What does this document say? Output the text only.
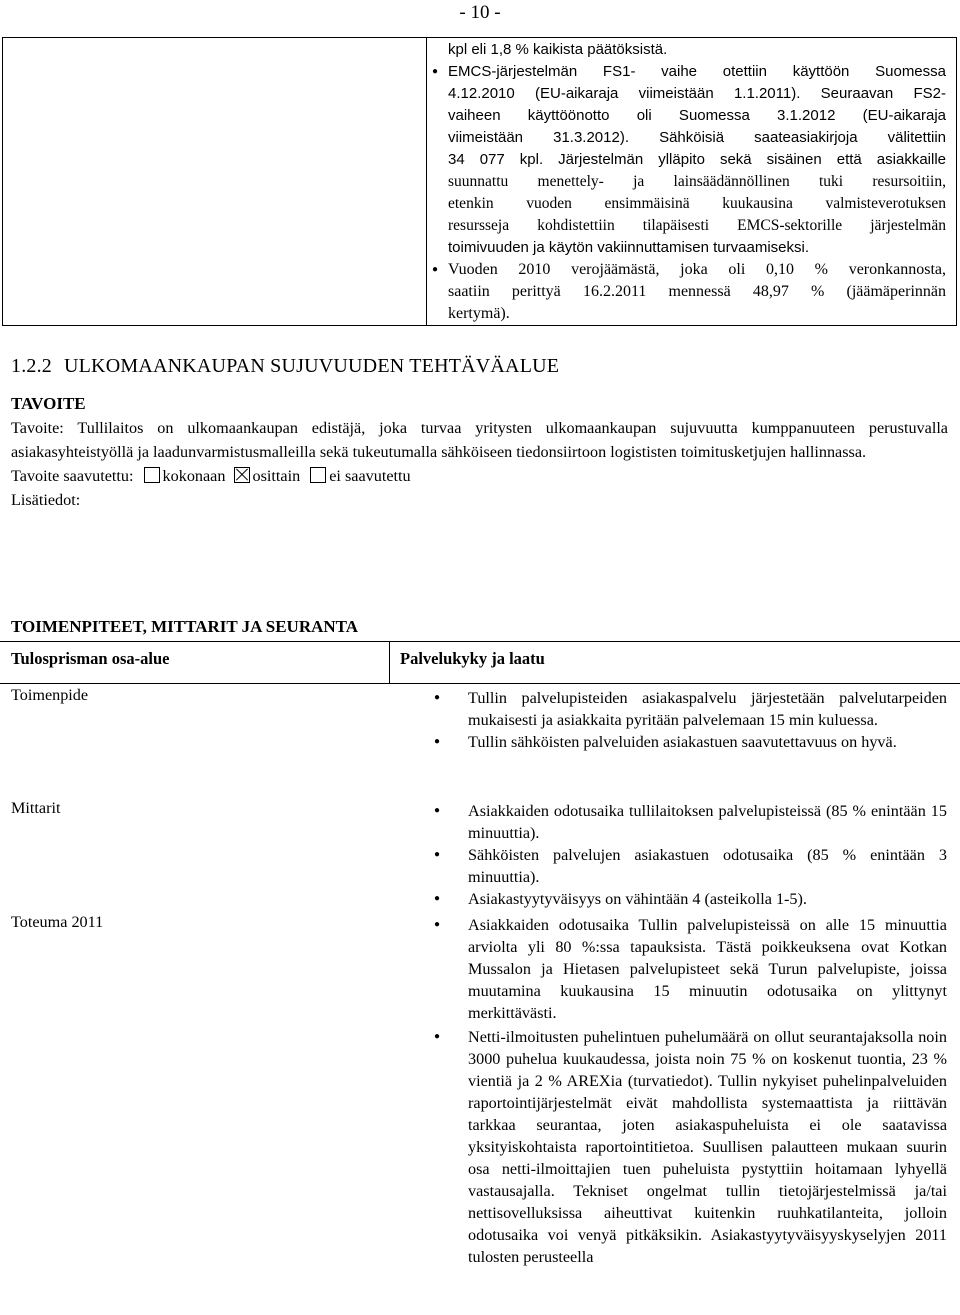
- 10 -
kpl eli 1,8 % kaikista päätöksistä.
● EMCS-järjestelmän FS1- vaihe otettiin käyttöön Suomessa
4.12.2010 (EU-aikaraja viimeistään 1.1.2011). Seuraavan FS2-
vaiheen käyttöönotto oli Suomessa 3.1.2012 (EU-aikaraja
viimeistään 31.3.2012). Sähköisiä saateasiakirjoja välitettiin
34 077 kpl. Järjestelmän ylläpito sekä sisäinen että asiakkaille
suunnattu menettely- ja lainsäädännöllinen tuki resursoitiin,
etenkin vuoden ensimmäisinä kuukausina valmisteverotuksen
resursseja kohdistettiin tilapäisesti EMCS-sektorille järjestelmän
toimivuuden ja käytön vakiinnuttamisen turvaamiseksi.
● Vuoden 2010 verojäämästä, joka oli 0,10 % veronkannosta,
saatiin perittyä 16.2.2011 mennessä 48,97 % (jäämäperinnän
kertymä).
1.2.2 ULKOMAANKAUPAN SUJUVUUDEN TEHTÄVÄALUE
TAVOITE
Tavoite: Tullilaitos on ulkomaankaupan edistäjä, joka turvaa yritysten ulkomaankaupan sujuvuutta kumppanuuteen perustuvalla asiakasyhteistyöllä ja laadunvarmistusmalleilla sekä tukeutumalla sähköiseen tiedonsiirtoon logististen toimitusketjujen hallinnassa.
Tavoite saavutettu: kokonaan osittain ei saavutettu
Lisätiedot:
TOIMENPITEET, MITTARIT JA SEURANTA
Tulosprisman osa-alue	Palvelukyky ja laatu
Toimenpide	● Tullin palvelupisteiden asiakaspalvelu järjestetään palvelutarpeiden mukaisesti ja asiakkaita pyritään palvelemaan 15 min kuluessa.
● Tullin sähköisten palveluiden asiakastuen saavutettavuus on hyvä.
Mittarit	● Asiakkaiden odotusaika tullilaitoksen palvelupisteissä (85 % enintään 15 minuuttia).
● Sähköisten palvelujen asiakastuen odotusaika (85 % enintään 3 minuuttia).
● Asiakastyytyväisyys on vähintään 4 (asteikolla 1-5).
Toteuma 2011	● Asiakkaiden odotusaika Tullin palvelupisteissä on alle 15 minuuttia arviolta yli 80 %:ssa tapauksista. Tästä poikkeuksena ovat Kotkan Mussalon ja Hietasen palvelupisteet sekä Turun palvelupiste, joissa muutamina kuukausina 15 minuutin odotusaika on ylittynyt merkittävästi.
● Netti-ilmoitusten puhelintuen puhelumäärä on ollut seurantajaksolla noin 3000 puhelua kuukaudessa, joista noin 75 % on koskenut tuontia, 23 % vientiä ja 2 % AREXia (turvatiedot). Tullin nykyiset puhelinpalveluiden raportointijärjestelmät eivät mahdollista systemaattista ja riittävän tarkkaa seurantaa, joten asiakaspuheluista ei ole saatavissa yksityiskohtaista raportointitietoa. Suullisen palautteen mukaan suurin osa netti-ilmoittajien tuen puheluista pystyttiin hoitamaan lyhyellä vastausajalla. Tekniset ongelmat tullin tietojärjestelmissä ja/tai nettisovelluksissa aiheuttivat kuitenkin ruuhkatilanteita, jolloin odotusaika voi venyä pitkäksikin. Asiakastyytyväisyyskyselyjen 2011 tulosten perusteella
